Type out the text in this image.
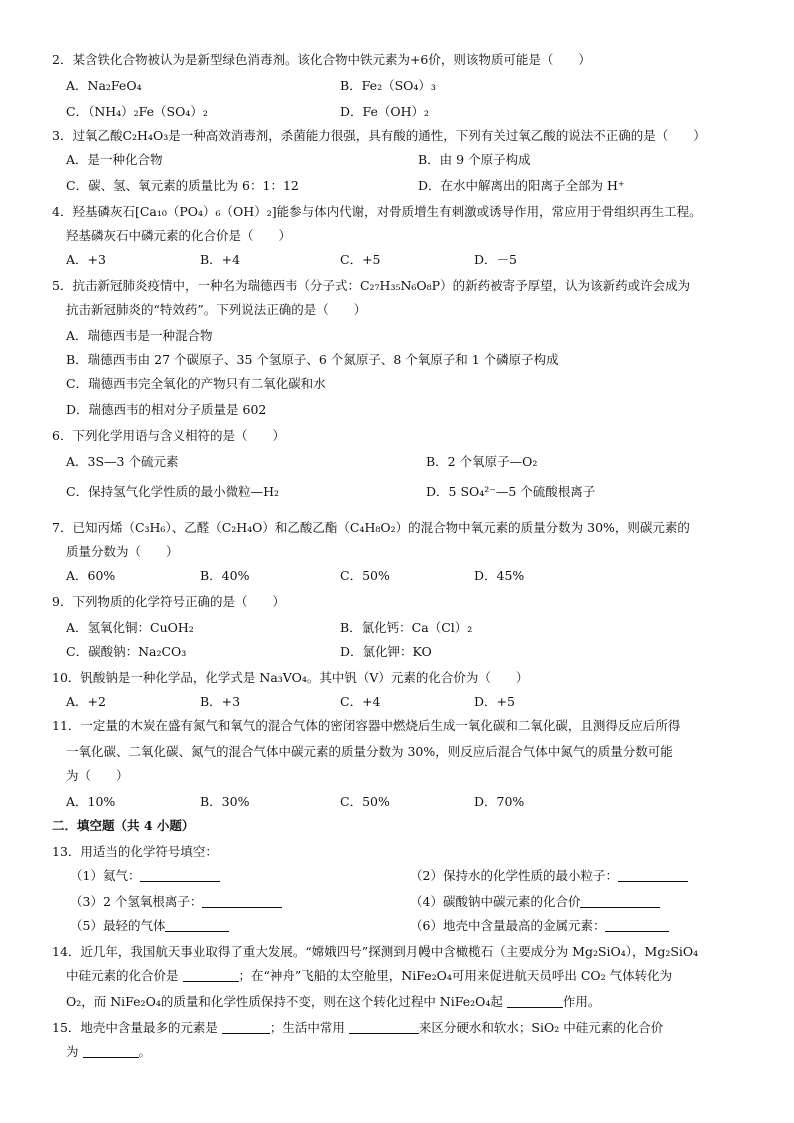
2．某含铁化合物被认为是新型绿色消毒剂。该化合物中铁元素为+6价，则该物质可能是（　　）
A．Na₂FeO₄	B．Fe₂（SO₄）₃
C．（NH₄）₂Fe（SO₄）₂	D．Fe（OH）₂
3．过氧乙酸C₂H₄O₃是一种高效消毒剂，杀菌能力很强，具有酸的通性，下列有关过氧乙酸的说法不正确的是（　　）
A．是一种化合物	B．由 9 个原子构成
C．碳、氢、氧元素的质量比为 6：1：12	D．在水中解离出的阳离子全部为 H⁺
4．羟基磷灰石[Ca₁₀（PO₄）₆（OH）₂]能参与体内代谢，对骨质增生有刺激或诱导作用，常应用于骨组织再生工程。
羟基磷灰石中磷元素的化合价是（　　）
A．+3	B．+4	C．+5	D．－5
5．抗击新冠肺炎疫情中，一种名为瑞德西韦（分子式：C₂₇H₃₅N₆O₈P）的新药被寄予厚望，认为该新药或许会成为
抗击新冠肺炎的“特效药”。下列说法正确的是（　　）
A．瑞德西韦是一种混合物
B．瑞德西韦由 27 个碳原子、35 个氢原子、6 个氮原子、8 个氧原子和 1 个磷原子构成
C．瑞德西韦完全氧化的产物只有二氧化碳和水
D．瑞德西韦的相对分子质量是 602
6．下列化学用语与含义相符的是（　　）
A．3S—3 个硫元素	B．2 个氧原子—O₂
C．保持氢气化学性质的最小微粒—H₂	D．5 SO₄²⁻—5 个硫酸根离子
7．已知丙烯（C₃H₆）、乙醛（C₂H₄O）和乙酸乙酯（C₄H₈O₂）的混合物中氧元素的质量分数为 30%，则碳元素的
质量分数为（　　）
A．60%	B．40%	C．50%	D．45%
9．下列物质的化学符号正确的是（　　）
A．氢氧化铜：CuOH₂	B．氯化钙：Ca（Cl）₂
C．碳酸钠：Na₂CO₃	D．氯化钾：KO
10．钒酸钠是一种化学品，化学式是 Na₃VO₄。其中钒（V）元素的化合价为（　　）
A．+2	B．+3	C．+4	D．+5
11．一定量的木炭在盛有氮气和氧气的混合气体的密闭容器中燃烧后生成一氧化碳和二氧化碳，且测得反应后所得
一氧化碳、二氧化碳、氮气的混合气体中碳元素的质量分数为 30%，则反应后混合气体中氮气的质量分数可能
为（　　）
A．10%	B．30%	C．50%	D．70%
二．填空题（共 4 小题）
13．用适当的化学符号填空：
（1）氦气：	（2）保持水的化学性质的最小粒子：
（3）2 个氢氧根离子：	（4）碳酸钠中碳元素的化合价
（5）最轻的气体	（6）地壳中含量最高的金属元素：
14．近几年，我国航天事业取得了重大发展。“嫦娥四号”探测到月幔中含橄榄石（主要成分为 Mg₂SiO₄），Mg₂SiO₄
中硅元素的化合价是	；在“神舟”飞船的太空舱里，NiFe₂O₄可用来促进航天员呼出 CO₂ 气体转化为
O₂，而 NiFe₂O₄的质量和化学性质保持不变，则在这个转化过程中 NiFe₂O₄起	作用。
15．地壳中含量最多的元素是	；生活中常用	来区分硬水和软水；SiO₂ 中硅元素的化合价
为	。
